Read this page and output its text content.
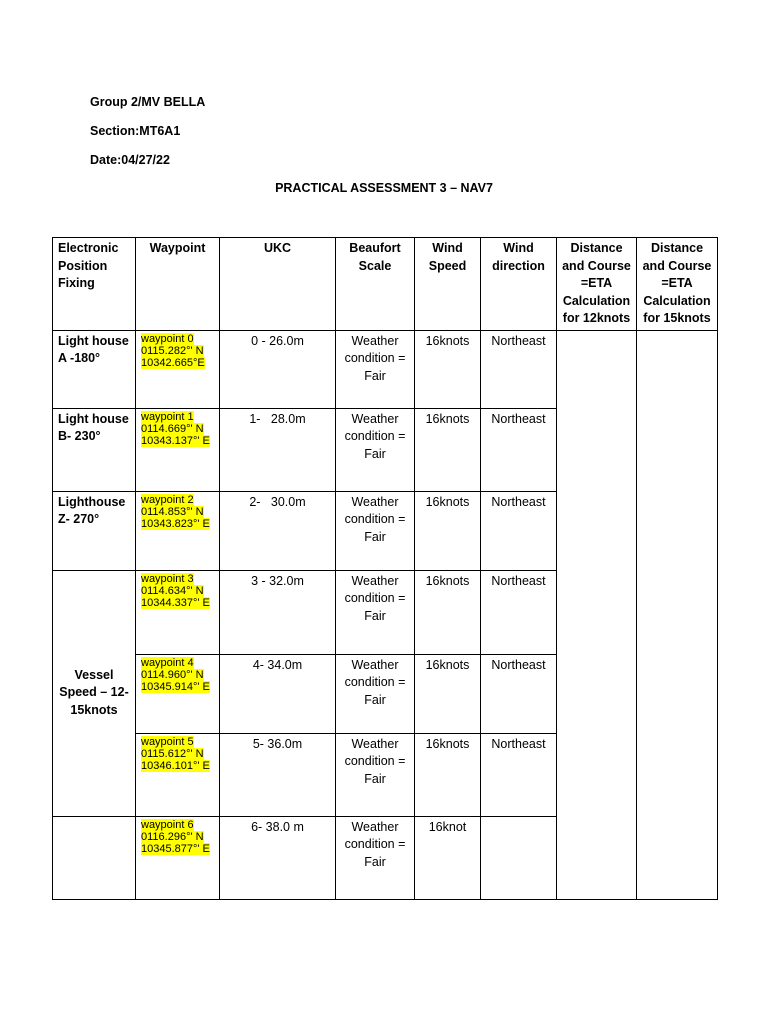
Group 2/MV BELLA
Section:MT6A1
Date:04/27/22
PRACTICAL ASSESSMENT 3 – NAV7
Electronic Position Fixing	Waypoint	UKC	Beaufort Scale	Wind Speed	Wind direction	Distance and Course =ETA Calculation for 12knots	Distance and Course =ETA Calculation for 15knots
Light house A -180°	waypoint 0
0115.282°' N
10342.665°E	0 - 26.0m	Weather condition = Fair	16knots	Northeast		
Light house B- 230°	waypoint 1
0114.669°' N
10343.137°' E	1-   28.0m	Weather condition = Fair	16knots	Northeast		
Lighthouse Z- 270°	waypoint 2
0114.853°' N
10343.823°' E	2-   30.0m	Weather condition = Fair	16knots	Northeast		
Vessel Speed – 12-15knots	waypoint 3
0114.634°' N
10344.337°' E	3 - 32.0m	Weather condition = Fair	16knots	Northeast		
	waypoint 4
0114.960°' N
10345.914°' E	4- 34.0m	Weather condition = Fair	16knots	Northeast		
	waypoint 5
0115.612°' N
10346.101°' E	5- 36.0m	Weather condition = Fair	16knots	Northeast		
	waypoint 6
0116.296°' N
10345.877°' E	6- 38.0 m	Weather condition = Fair	16knot			
